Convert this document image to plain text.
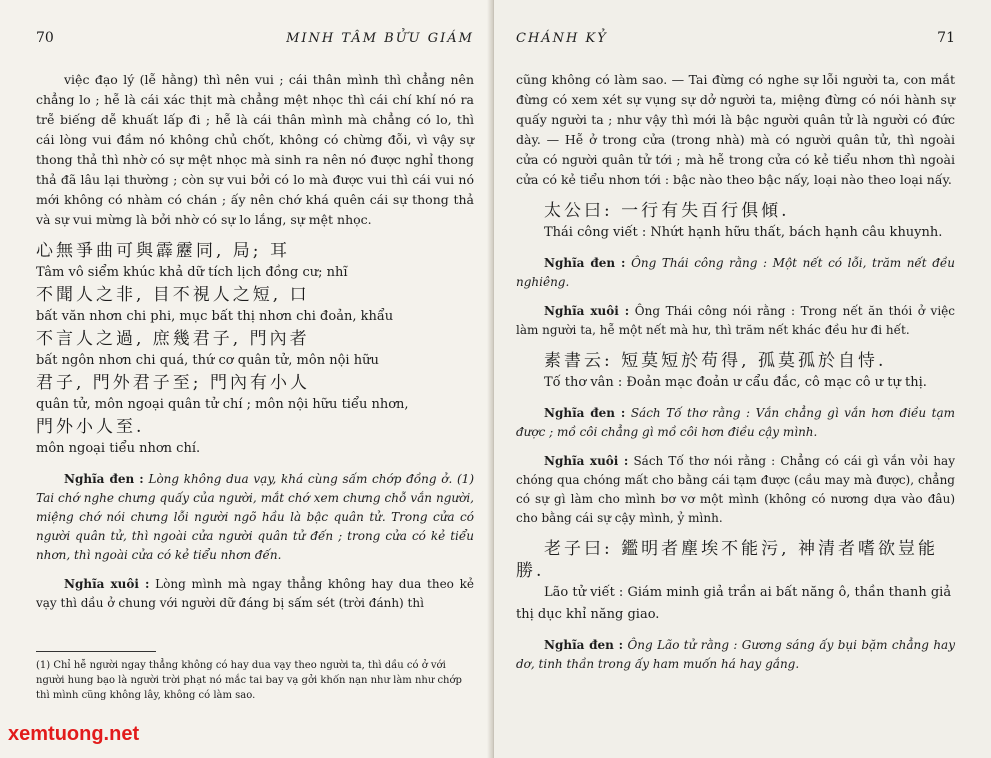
70	MINH TÂM BỬU GIÁM

việc đạo lý (lễ hằng) thì nên vui ; cái thân mình thì chẳng nên chẳng lo ; hễ là cái xác thịt mà chẳng mệt nhọc thì cái chí khí nó ra trễ biếng dễ khuất lấp đi ; hễ là cái thân mình mà chẳng có lo, thì cái lòng vui đầm nó không chủ chốt, không có chừng đỗi, vì vậy sự thong thả thì nhờ có sự mệt nhọc mà sinh ra nên nó được nghỉ thong thả đã lâu lại thường ; còn sự vui bởi có lo mà được vui thì cái vui nó mới không có nhàm có chán ; ấy nên chớ khá quên cái sự thong thả và sự vui mừng là bởi nhờ có sự lo lắng, sự mệt nhọc.

心無爭曲可與霹靂同, 局; 耳

Tâm vô siểm khúc khả dữ tích lịch đồng cư; nhĩ

不聞人之非, 目不視人之短, 口

bất văn nhơn chi phi, mục bất thị nhơn chi đoản, khẩu

不言人之過, 庶幾君子, 門內者

bất ngôn nhơn chi quá, thứ cơ quân tử, môn nội hữu

君子, 門外君子至; 門內有小人

quân tử, môn ngoại quân tử chí ; môn nội hữu tiểu nhơn,

門外小人至.

môn ngoại tiểu nhơn chí.

Nghĩa đen : Lòng không dua vạy, khá cùng sấm chớp đồng ở. (1) Tai chớ nghe chưng quấy của người, mắt chớ xem chưng chỗ vắn người, miệng chớ nói chưng lỗi người ngõ hầu là bậc quân tử. Trong cửa có người quân tử, thì ngoài cửa người quân tử đến ; trong cửa có kẻ tiểu nhơn, thì ngoài cửa có kẻ tiểu nhơn đến.

Nghĩa xuôi : Lòng mình mà ngay thẳng không hay dua theo kẻ vạy thì dầu ở chung với người dữ đáng bị sấm sét (trời đánh) thì

(1) Chỉ hễ người ngay thẳng không có hay dua vạy theo người ta, thì dầu có ở với người hung bạo là người trời phạt nó mắc tai bay vạ gởi khốn nạn như làm như chớp thì mình cũng không lây, không có làm sao.

CHÁNH KỶ	71

cũng không có làm sao. — Tai đừng có nghe sự lỗi người ta, con mắt đừng có xem xét sự vụng sự dở người ta, miệng đừng có nói hành sự quấy người ta ; như vậy thì mới là bậc người quân tử là người có đức dày. — Hễ ở trong cửa (trong nhà) mà có người quân tử, thì ngoài cửa có người quân tử tới ; mà hễ trong cửa có kẻ tiểu nhơn thì ngoài cửa có kẻ tiểu nhơn tới : bậc nào theo bậc nấy, loại nào theo loại nấy.

太公曰: 一行有失百行俱傾.

Thái công viết : Nhứt hạnh hữu thất, bách hạnh câu khuynh.

Nghĩa đen : Ông Thái công rằng : Một nết có lỗi, trăm nết đều nghiêng.

Nghĩa xuôi : Ông Thái công nói rằng : Trong nết ăn thói ở việc làm người ta, hễ một nết mà hư, thì trăm nết khác đều hư đi hết.

素書云: 短莫短於苟得, 孤莫孤於自恃.

Tố thơ vân : Đoản mạc đoản ư cẩu đắc, cô mạc cô ư tự thị.

Nghĩa đen : Sách Tố thơ rằng : Vắn chẳng gì vắn hơn điều tạm được ; mồ côi chẳng gì mồ côi hơn điều cậy mình.

Nghĩa xuôi : Sách Tố thơ nói rằng : Chẳng có cái gì vắn vỏi hay chóng qua chóng mất cho bằng cái tạm được (cầu may mà được), chẳng có sự gì làm cho mình bơ vơ một mình (không có nương dựa vào đâu) cho bằng cái sự cậy mình, ỷ mình.

老子曰: 鑑明者塵埃不能污, 神清者嗜欲豈能勝.

Lão tử viết : Giám minh giả trần ai bất năng ô, thần thanh giả thị dục khỉ năng giao.

Nghĩa đen : Ông Lão tử rằng : Gương sáng ấy bụi bặm chẳng hay dơ, tinh thần trong ấy ham muốn há hay gắng.

xemtuong.net
